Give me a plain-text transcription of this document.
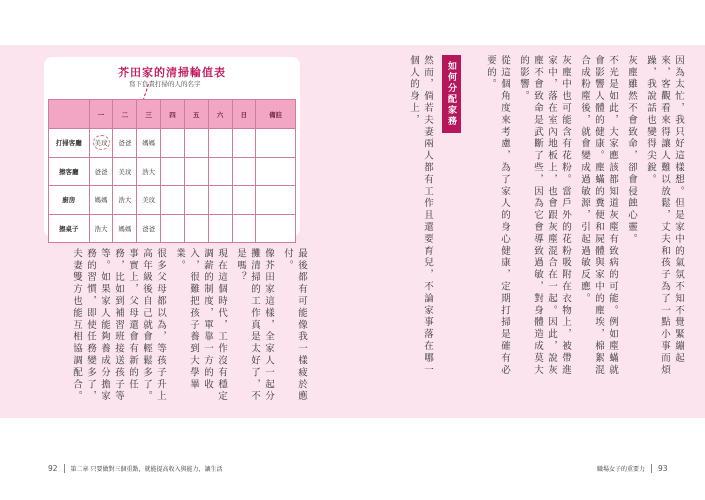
芥田家的清掃輪值表
寫下負責打掃的人的名字
	一	二	三	四	五	六	日	備註
打掃客廳	美玟	爸爸	媽媽					
擦客廳	爸爸	美玟	浩大					
廚房	媽媽	浩大	美玟					
擦桌子	浩大	媽媽	爸爸					

最後都有可能像我一樣疲於應付。

像芥田家這樣，全家人一起分攤清掃的工作真是太好了，不是嗎？

現在這個時代，工作沒有穩定調薪的制度，單靠一方的收入，很難把孩子養到大學畢業。

很多父母都以為，等孩子升上高年級後自己就會輕鬆多了。事實上，父母還會有新的任務，比如到補習班接送孩子等等。如果家人能夠養成分擔家務的習慣，即使任務變多了，夫妻雙方也能互相協調配合。	因為太忙，我只好這樣想。但是家中的氣氛不知不覺緊繃起來，客觀看來得讓人難以放鬆，丈夫和孩子為了一點小事而煩躁，我說話也變得尖銳。

灰塵雖然不會致命，卻會侵蝕心靈。

不光是如此，大家應該都知道灰塵有致病的可能。例如塵蟎就會影響人體的健康。塵蟎的糞便和屍體與家中的塵埃，棉絮混合成粉塵後，就會變成過敏源，引起過敏反應。

灰塵中也可能含有花粉。當戶外的花粉吸附在衣物上，被帶進家中，落在室內地板上，也會跟灰塵混合在一起。因此，說灰塵不會致命是武斷了些，因為它會導致過敏，對身體造成莫大的影響。

從這個角度來考慮，為了家人的身心健康，定期打掃是確有必要的。

如何分配家務

然而，倘若夫妻兩人都有工作且還要育兒，不論家事落在哪一個人的身上，

92 第二章 只要做對三個重點，就能提高收入與能力，讓生活	職場女子的重要力 93
